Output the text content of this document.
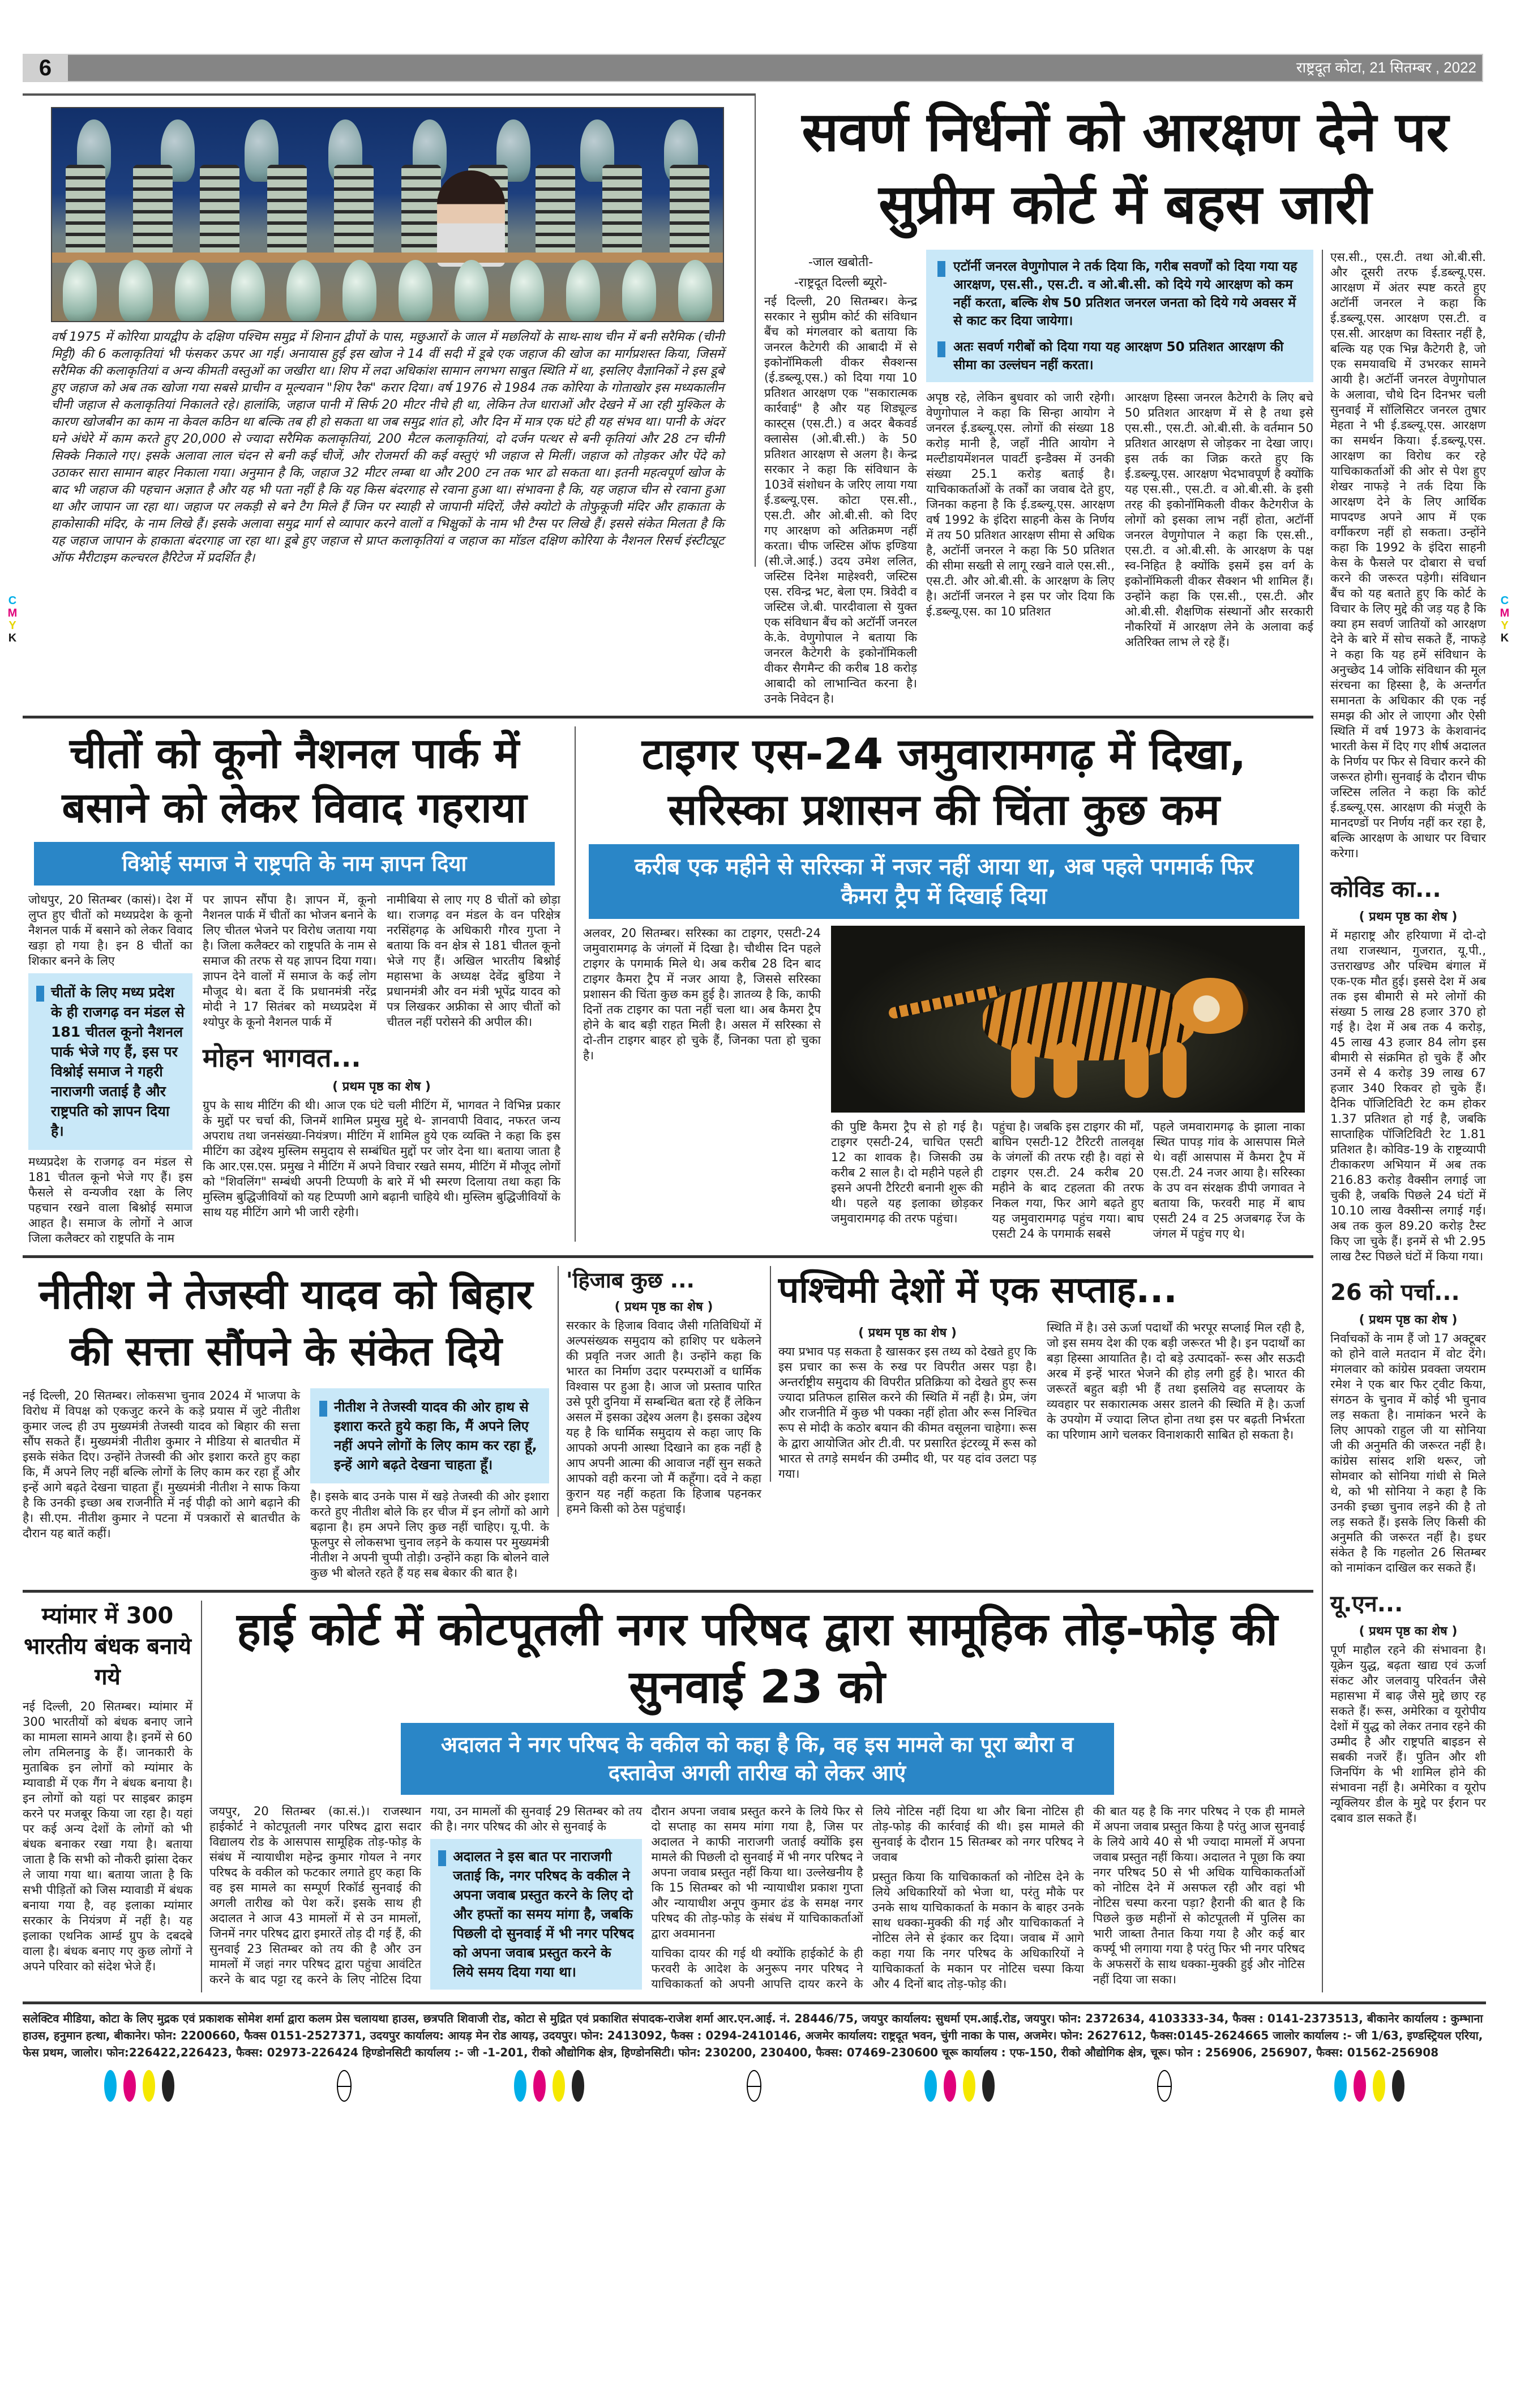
6	राष्ट्रदूत कोटा, 21 सितम्बर , 2022
C
M
Y
K
C
M
Y
K
वर्ष 1975 में कोरिया प्रायद्वीप के दक्षिण पश्चिम समुद्र में शिनान द्वीपों के पास, मछुआरों के जाल में मछलियों के साथ-साथ चीन में बनी सरैमिक (चीनी मिट्टी) की 6 कलाकृतियां भी फंसकर ऊपर आ गई। अनायास हुई इस खोज ने 14 वीं सदी में डूबे एक जहाज की खोज का मार्गप्रशस्त किया, जिसमें सरैमिक की कलाकृतियां व अन्य कीमती वस्तुओं का जखीरा था। शिप में लदा अधिकांश सामान लगभग साबुत स्थिति में था, इसलिए वैज्ञानिकों ने इस डूबे हुए जहाज को अब तक खोजा गया सबसे प्राचीन व मूल्यवान "शिप रैक" करार दिया। वर्ष 1976 से 1984 तक कोरिया के गोताखोर इस मध्यकालीन चीनी जहाज से कलाकृतियां निकालते रहे। हालांकि, जहाज पानी में सिर्फ 20 मीटर नीचे ही था, लेकिन तेज धाराओं और देखने में आ रही मुश्किल के कारण खोजबीन का काम ना केवल कठिन था बल्कि तब ही हो सकता था जब समुद्र शांत हो, और दिन में मात्र एक घंटे ही यह संभव था। पानी के अंदर घने अंधेरे में काम करते हुए 20,000 से ज्यादा सरैमिक कलाकृतियां, 200 मैटल कलाकृतियां, दो दर्जन पत्थर से बनी कृतियां और 28 टन चीनी सिक्के निकाले गए। इसके अलावा लाल चंदन से बनी कई चीजें, और रोजमर्रा की कई वस्तुएं भी जहाज से मिलीं। जहाज को तोड़कर और पेंदे को उठाकर सारा सामान बाहर निकाला गया। अनुमान है कि, जहाज 32 मीटर लम्बा था और 200 टन तक भार ढो सकता था। इतनी महत्वपूर्ण खोज के बाद भी जहाज की पहचान अज्ञात है और यह भी पता नहीं है कि यह किस बंदरगाह से रवाना हुआ था। संभावना है कि, यह जहाज चीन से रवाना हुआ था और जापान जा रहा था। जहाज पर लकड़ी से बने टैग मिले हैं जिन पर स्याही से जापानी मंदिरों, जैसे क्योटो के तोफुकूजी मंदिर और हाकाता के हाकोसाकी मंदिर, के नाम लिखे हैं। इसके अलावा समुद्र मार्ग से व्यापार करने वालों व भिक्षुकों के नाम भी टैग्स पर लिखे हैं। इससे संकेत मिलता है कि यह जहाज जापान के हाकाता बंदरगाह जा रहा था। डूबे हुए जहाज से प्राप्त कलाकृतियां व जहाज का मॉडल दक्षिण कोरिया के नैशनल रिसर्च इंस्टीट्यूट ऑफ मैरीटाइम कल्चरल हैरिटेज में प्रदर्शित है।
सवर्ण निर्धनों को आरक्षण देने पर सुप्रीम कोर्ट में बहस जारी
-जाल खबोती-
-राष्ट्रदूत दिल्ली ब्यूरो-
नई दिल्ली, 20 सितम्बर। केन्द्र सरकार ने सुप्रीम कोर्ट की संविधान बैंच को मंगलवार को बताया कि जनरल कैटेगरी की आबादी में से इकोनॉमिकली वीकर सैक्शन्स (ई.डब्ल्यू.एस.) को दिया गया 10 प्रतिशत आरक्षण एक "सकारात्मक कार्रवाई" है और यह शिड्यूल्ड कास्ट्स (एस.टी.) व अदर बैकवर्ड क्लासेस (ओ.बी.सी.) के 50 प्रतिशत आरक्षण से अलग है। केन्द्र सरकार ने कहा कि संविधान के 103वें संशोधन के जरिए लाया गया ई.डब्ल्यू.एस. कोटा एस.सी., एस.टी. और ओ.बी.सी. को दिए गए आरक्षण को अतिक्रमण नहीं करता। चीफ जस्टिस ऑफ इण्डिया (सी.जे.आई.) उदय उमेश ललित, जस्टिस दिनेश माहेश्वरी, जस्टिस एस. रविन्द्र भट, बेला एम. त्रिवेदी व जस्टिस जे.बी. पारदीवाला से युक्त एक संविधान बैंच को अटॉर्नी जनरल के.के. वेणुगोपाल ने बताया कि जनरल कैटेगरी के इकोनॉमिकली वीकर सैगमैन्ट की करीब 18 करोड़ आबादी को लाभान्वित करना है। उनके निवेदन है।
एटॉर्नी जनरल वेणुगोपाल ने तर्क दिया कि, गरीब सवर्णों को दिया गया यह आरक्षण, एस.सी., एस.टी. व ओ.बी.सी. को दिये गये आरक्षण को कम नहीं करता, बल्कि शेष 50 प्रतिशत जनरल जनता को दिये गये अवसर में से काट कर दिया जायेगा।
अतः सवर्ण गरीबों को दिया गया यह आरक्षण 50 प्रतिशत आरक्षण की सीमा का उल्लंघन नहीं करता।
अपृष्ठ रहे, लेकिन बुधवार को जारी रहेगी। वेणुगोपाल ने कहा कि सिन्हा आयोग ने जनरल ई.डब्ल्यू.एस. लोगों की संख्या 18 करोड़ मानी है, जहाँ नीति आयोग ने मल्टीडायमेंशनल पावर्टी इन्डैक्स में उनकी संख्या 25.1 करोड़ बताई है। याचिकाकर्ताओं के तर्कों का जवाब देते हुए, जिनका कहना है कि ई.डब्ल्यू.एस. आरक्षण वर्ष 1992 के इंदिरा साहनी केस के निर्णय में तय 50 प्रतिशत आरक्षण सीमा से अधिक है, अटॉर्नी जनरल ने कहा कि 50 प्रतिशत की सीमा सख्ती से लागू रखने वाले एस.सी., एस.टी. और ओ.बी.सी. के आरक्षण के लिए है। अटॉर्नी जनरल ने इस पर जोर दिया कि ई.डब्ल्यू.एस. का 10 प्रतिशत
आरक्षण हिस्सा जनरल कैटेगरी के लिए बचे 50 प्रतिशत आरक्षण में से है तथा इसे एस.सी., एस.टी. ओ.बी.सी. के वर्तमान 50 प्रतिशत आरक्षण से जोड़कर ना देखा जाए। इस तर्क का जिक्र करते हुए कि ई.डब्ल्यू.एस. आरक्षण भेदभावपूर्ण है क्योंकि यह एस.सी., एस.टी. व ओ.बी.सी. के इसी तरह की इकोनॉमिकली वीकर कैटेगरीज के लोगों को इसका लाभ नहीं होता, अटॉर्नी जनरल वेणुगोपाल ने कहा कि एस.सी., एस.टी. व ओ.बी.सी. के आरक्षण के पक्ष स्व-निहित है क्योंकि इसमें इस वर्ग के इकोनॉमिकली वीकर सैक्शन भी शामिल हैं। उन्होंने कहा कि एस.सी., एस.टी. और ओ.बी.सी. शैक्षणिक संस्थानों और सरकारी नौकरियों में आरक्षण लेने के अलावा कई अतिरिक्त लाभ ले रहे हैं।
एस.सी., एस.टी. तथा ओ.बी.सी. और दूसरी तरफ ई.डब्ल्यू.एस. आरक्षण में अंतर स्पष्ट करते हुए अटॉर्नी जनरल ने कहा कि ई.डब्ल्यू.एस. आरक्षण एस.टी. व एस.सी. आरक्षण का विस्तार नहीं है, बल्कि यह एक भिन्न कैटेगरी है, जो एक समयावधि में उभरकर सामने आयी है। अटॉर्नी जनरल वेणुगोपाल के अलावा, चौथे दिन दिनभर चली सुनवाई में सॉलिसिटर जनरल तुषार मेहता ने भी ई.डब्ल्यू.एस. आरक्षण का समर्थन किया। ई.डब्ल्यू.एस. आरक्षण का विरोध कर रहे याचिकाकर्ताओं की ओर से पेश हुए शेखर नाफड़े ने तर्क दिया कि आरक्षण देने के लिए आर्थिक मापदण्ड अपने आप में एक वर्गीकरण नहीं हो सकता। उन्होंने कहा कि 1992 के इंदिरा साहनी केस के फैसले पर दोबारा से चर्चा करने की जरूरत पड़ेगी। संविधान बैंच को यह बताते हुए कि कोर्ट के विचार के लिए मुद्दे की जड़ यह है कि क्या हम सवर्ण जातियों को आरक्षण देने के बारे में सोच सकते हैं, नाफड़े ने कहा कि यह हमें संविधान के अनुच्छेद 14 जोकि संविधान की मूल संरचना का हिस्सा है, के अन्तर्गत समानता के अधिकार की एक नई समझ की ओर ले जाएगा और ऐसी स्थिति में वर्ष 1973 के केशवानंद भारती केस में दिए गए शीर्ष अदालत के निर्णय पर फिर से विचार करने की जरूरत होगी। सुनवाई के दौरान चीफ जस्टिस ललित ने कहा कि कोर्ट ई.डब्ल्यू.एस. आरक्षण की मंजूरी के मानदण्डों पर निर्णय नहीं कर रहा है, बल्कि आरक्षण के आधार पर विचार करेगा।
कोविड का...
( प्रथम पृष्ठ का शेष )
में महाराष्ट्र और हरियाणा में दो-दो तथा राजस्थान, गुजरात, यू.पी., उत्तराखण्ड और पश्चिम बंगाल में एक-एक मौत हुई। इससे देश में अब तक इस बीमारी से मरे लोगों की संख्या 5 लाख 28 हजार 370 हो गई है। देश में अब तक 4 करोड़, 45 लाख 43 हजार 84 लोग इस बीमारी से संक्रमित हो चुके हैं और उनमें से 4 करोड़ 39 लाख 67 हजार 340 रिकवर हो चुके हैं। दैनिक पॉजिटिविटी रेट कम होकर 1.37 प्रतिशत हो गई है, जबकि साप्ताहिक पॉजिटिविटी रेट 1.81 प्रतिशत है। कोविड-19 के राष्ट्रव्यापी टीकाकरण अभियान में अब तक 216.83 करोड़ वैक्सीन लगाई जा चुकी है, जबकि पिछले 24 घंटों में 10.10 लाख वैक्सीन्स लगाई गई। अब तक कुल 89.20 करोड़ टैस्ट किए जा चुके हैं। इनमें से भी 2.95 लाख टैस्ट पिछले घंटों में किया गया।
26 को पर्चा...
( प्रथम पृष्ठ का शेष )
निर्वाचकों के नाम हैं जो 17 अक्टूबर को होने वाले मतदान में वोट देंगे। मंगलवार को कांग्रेस प्रवक्ता जयराम रमेश ने एक बार फिर ट्वीट किया, संगठन के चुनाव में कोई भी चुनाव लड़ सकता है। नामांकन भरने के लिए आपको राहुल जी या सोनिया जी की अनुमति की जरूरत नहीं है। कांग्रेस सांसद शशि थरूर, जो सोमवार को सोनिया गांधी से मिले थे, को भी सोनिया ने कहा है कि उनकी इच्छा चुनाव लड़ने की है तो लड़ सकते हैं। इसके लिए किसी की अनुमति की जरूरत नहीं है। इधर संकेत है कि गहलोत 26 सितम्बर को नामांकन दाखिल कर सकते हैं।
यू.एन...
( प्रथम पृष्ठ का शेष )
पूर्ण माहौल रहने की संभावना है। यूक्रेन युद्ध, बढ़ता खाद्य एवं ऊर्जा संकट और जलवायु परिवर्तन जैसे महासभा में बाढ़ जैसे मुद्दे छाए रह सकते हैं। रूस, अमेरिका व यूरोपीय देशों में युद्ध को लेकर तनाव रहने की उम्मीद है और राष्ट्रपति बाइडन से सबकी नजरें हैं। पुतिन और शी जिनपिंग के भी शामिल होने की संभावना नहीं है। अमेरिका व यूरोप न्यूक्लियर डील के मुद्दे पर ईरान पर दबाव डाल सकते हैं।
चीतों को कूनो नैशनल पार्क में बसाने को लेकर विवाद गहराया
विश्नोई समाज ने राष्ट्रपति के नाम ज्ञापन दिया
जोधपुर, 20 सितम्बर (कासं)। देश में लुप्त हुए चीतों को मध्यप्रदेश के कूनो नैशनल पार्क में बसाने को लेकर विवाद खड़ा हो गया है। इन 8 चीतों का शिकार बनने के लिए
चीतों के लिए मध्य प्रदेश के ही राजगढ़ वन मंडल से 181 चीतल कूनो नैशनल पार्क भेजे गए हैं, इस पर विश्नोई समाज ने गहरी नाराजगी जताई है और राष्ट्रपति को ज्ञापन दिया है।
मध्यप्रदेश के राजगढ़ वन मंडल से 181 चीतल कूनो भेजे गए हैं। इस फैसले से वन्यजीव रक्षा के लिए पहचान रखने वाला बिश्नोई समाज आहत है। समाज के लोगों ने आज जिला कलैक्टर को राष्ट्रपति के नाम
पर ज्ञापन सौंपा है। ज्ञापन में, कूनो नैशनल पार्क में चीतों का भोजन बनाने के लिए चीतल भेजने पर विरोध जताया गया है। जिला कलैक्टर को राष्ट्रपति के नाम से समाज की तरफ से यह ज्ञापन दिया गया। ज्ञापन देने वालों में समाज के कई लोग मौजूद थे। बता दें कि प्रधानमंत्री नरेंद्र मोदी ने 17 सितंबर को मध्यप्रदेश में श्योपुर के कूनो नैशनल पार्क में
नामीबिया से लाए गए 8 चीतों को छोड़ा था। राजगढ़ वन मंडल के वन परिक्षेत्र नरसिंहगढ़ के अधिकारी गौरव गुप्ता ने बताया कि वन क्षेत्र से 181 चीतल कूनो भेजे गए हैं। अखिल भारतीय बिश्नोई महासभा के अध्यक्ष देवेंद्र बुडिया ने प्रधानमंत्री और वन मंत्री भूपेंद्र यादव को पत्र लिखकर अफ्रीका से आए चीतों को चीतल नहीं परोसने की अपील की।
मोहन भागवत...
( प्रथम पृष्ठ का शेष )
ग्रुप के साथ मीटिंग की थी। आज एक घंटे चली मीटिंग में, भागवत ने विभिन्न प्रकार के मुद्दों पर चर्चा की, जिनमें शामिल प्रमुख मुद्दे थे- ज्ञानवापी विवाद, नफरत जन्य अपराध तथा जनसंख्या-नियंत्रण। मीटिंग में शामिल हुये एक व्यक्ति ने कहा कि इस मीटिंग का उद्देश्य मुस्लिम समुदाय से सम्बंधित मुद्दों पर जोर देना था। बताया जाता है कि आर.एस.एस. प्रमुख ने मीटिंग में अपने विचार रखते समय, मीटिंग में मौजूद लोगों को "शिवलिंग" सम्बंधी अपनी टिप्पणी के बारे में भी स्मरण दिलाया तथा कहा कि मुस्लिम बुद्धिजीवियों को यह टिप्पणी आगे बढ़ानी चाहिये थी। मुस्लिम बुद्धिजीवियों के साथ यह मीटिंग आगे भी जारी रहेगी।
टाइगर एस-24 जमुवारामगढ़ में दिखा, सरिस्का प्रशासन की चिंता कुछ कम
करीब एक महीने से सरिस्का में नजर नहीं आया था, अब पहले पगमार्क फिर कैमरा ट्रैप में दिखाई दिया
अलवर, 20 सितम्बर। सरिस्का का टाइगर, एसटी-24 जमुवारामगढ़ के जंगलों में दिखा है। चौथीस दिन पहले टाइगर के पगमार्क मिले थे। अब करीब 28 दिन बाद टाइगर कैमरा ट्रैप में नजर आया है, जिससे सरिस्का प्रशासन की चिंता कुछ कम हुई है। ज्ञातव्य है कि, काफी दिनों तक टाइगर का पता नहीं चला था। अब कैमरा ट्रैप होने के बाद बड़ी राहत मिली है। असल में सरिस्का से दो-तीन टाइगर बाहर हो चुके हैं, जिनका पता हो चुका है।
की पुष्टि कैमरा ट्रैप से हो गई है। टाइगर एसटी-24, चाचित एसटी 12 का शावक है। जिसकी उम्र करीब 2 साल है। दो महीने पहले ही इसने अपनी टैरिटरी बनानी शुरू की थी। पहले यह इलाका छोड़कर जमुवारामगढ़ की तरफ पहुंचा।
पहुंचा है। जबकि इस टाइगर की माँ, बाघिन एसटी-12 टैरिटरी तालवृक्ष के जंगलों की तरफ रही है। वहां से टाइगर एस.टी. 24 करीब 20 महीने के बाद टहलता की तरफ निकल गया, फिर आगे बढ़ते हुए यह जमुवारामगढ़ पहुंच गया। बाघ एसटी 24 के पगमार्क सबसे
पहले जमवारामगढ़ के झाला नाका स्थित पापड़ गांव के आसपास मिले थे। वहीं आसपास में कैमरा ट्रैप में एस.टी. 24 नजर आया है। सरिस्का के उप वन संरक्षक डीपी जगावत ने बताया कि, फरवरी माह में बाघ एसटी 24 व 25 अजबगढ़ रेंज के जंगल में पहुंच गए थे।
नीतीश ने तेजस्वी यादव को बिहार की सत्ता सौंपने के संकेत दिये
नई दिल्ली, 20 सितम्बर। लोकसभा चुनाव 2024 में भाजपा के विरोध में विपक्ष को एकजुट करने के कड़े प्रयास में जुटे नीतीश कुमार जल्द ही उप मुख्यमंत्री तेजस्वी यादव को बिहार की सत्ता सौंप सकते हैं। मुख्यमंत्री नीतीश कुमार ने मीडिया से बातचीत में इसके संकेत दिए। उन्होंने तेजस्वी की ओर इशारा करते हुए कहा कि, मैं अपने लिए नहीं बल्कि लोगों के लिए काम कर रहा हूँ और इन्हें आगे बढ़ते देखना चाहता हूँ। मुख्यमंत्री नीतीश ने साफ किया है कि उनकी इच्छा अब राजनीति में नई पीढ़ी को आगे बढ़ाने की है। सी.एम. नीतीश कुमार ने पटना में पत्रकारों से बातचीत के दौरान यह बातें कहीं।
नीतीश ने तेजस्वी यादव की ओर हाथ से इशारा करते हुये कहा कि, मैं अपने लिए नहीं अपने लोगों के लिए काम कर रहा हूँ, इन्हें आगे बढ़ते देखना चाहता हूँ।
है। इसके बाद उनके पास में खड़े तेजस्वी की ओर इशारा करते हुए नीतीश बोले कि हर चीज में इन लोगों को आगे बढ़ाना है। हम अपने लिए कुछ नहीं चाहिए। यू.पी. के फूलपुर से लोकसभा चुनाव लड़ने के कयास पर मुख्यमंत्री नीतीश ने अपनी चुप्पी तोड़ी। उन्होंने कहा कि बोलने वाले कुछ भी बोलते रहते हैं यह सब बेकार की बात है।
'हिजाब कुछ ...
( प्रथम पृष्ठ का शेष )
सरकार के हिजाब विवाद जैसी गतिविधियों में अल्पसंख्यक समुदाय को हाशिए पर धकेलने की प्रवृति नजर आती है। उन्होंने कहा कि भारत का निर्माण उदार परम्पराओं व धार्मिक विश्वास पर हुआ है। आज जो प्रस्ताव पारित उसे पूरी दुनिया में सम्बन्धित बता रहे हैं लेकिन असल में इसका उद्देश्य अलग है। इसका उद्देश्य यह है कि धार्मिक समुदाय से कहा जाए कि आपको अपनी आस्था दिखाने का हक नहीं है आप अपनी आत्मा की आवाज नहीं सुन सकते आपको वही करना जो मैं कहूँगा। दवे ने कहा कुरान यह नहीं कहता कि हिजाब पहनकर हमने किसी को ठेस पहुंचाई।
पश्चिमी देशों में एक सप्ताह...
( प्रथम पृष्ठ का शेष )
क्या प्रभाव पड़ सकता है खासकर इस तथ्य को देखते हुए कि इस प्रचार का रूस के रुख पर विपरीत असर पड़ा है। अन्तर्राष्ट्रीय समुदाय की विपरीत प्रतिक्रिया को देखते हुए रूस ज्यादा प्रतिफल हासिल करने की स्थिति में नहीं है। प्रेम, जंग और राजनीति में कुछ भी पक्का नहीं होता और रूस निश्चित रूप से मोदी के कठोर बयान की कीमत वसूलना चाहेगा। रूस के द्वारा आयोजित ओर टी.वी. पर प्रसारित इंटरव्यू में रूस को भारत से तगड़े समर्थन की उम्मीद थी, पर यह दांव उलटा पड़ गया।
स्थिति में है। उसे ऊर्जा पदार्थों की भरपूर सप्लाई मिल रही है, जो इस समय देश की एक बड़ी जरूरत भी है। इन पदार्थों का बड़ा हिस्सा आयातित है। दो बड़े उत्पादकों- रूस और सऊदी अरब में इन्हें भारत भेजने की होड़ लगी हुई है। भारत की जरूरतें बहुत बड़ी भी हैं तथा इसलिये वह सप्लायर के व्यवहार पर सकारात्मक असर डालने की स्थिति में है। ऊर्जा के उपयोग में ज्यादा लिप्त होना तथा इस पर बढ़ती निर्भरता का परिणाम आगे चलकर विनाशकारी साबित हो सकता है।
म्यांमार में 300 भारतीय बंधक बनाये गये
नई दिल्ली, 20 सितम्बर। म्यांमार में 300 भारतीयों को बंधक बनाए जाने का मामला सामने आया है। इनमें से 60 लोग तमिलनाडु के हैं। जानकारी के मुताबिक इन लोगों को म्यांमार के म्यावाडी में एक गैंग ने बंधक बनाया है। इन लोगों को यहां पर साइबर क्राइम करने पर मजबूर किया जा रहा है। यहां पर कई अन्य देशों के लोगों को भी बंधक बनाकर रखा गया है। बताया जाता है कि सभी को नौकरी झांसा देकर ले जाया गया था। बताया जाता है कि सभी पीड़ितों को जिस म्यावाडी में बंधक बनाया गया है, वह इलाका म्यांमार सरकार के नियंत्रण में नहीं है। यह इलाका एथनिक आर्म्ड ग्रुप के दबदबे वाला है। बंधक बनाए गए कुछ लोगों ने अपने परिवार को संदेश भेजे हैं।
हाई कोर्ट में कोटपूतली नगर परिषद द्वारा सामूहिक तोड़-फोड़ की सुनवाई 23 को
अदालत ने नगर परिषद के वकील को कहा है कि, वह इस मामले का पूरा ब्यौरा व दस्तावेज अगली तारीख को लेकर आएं
जयपुर, 20 सितम्बर (का.सं.)। राजस्थान हाईकोर्ट ने कोटपूतली नगर परिषद द्वारा सदार विद्यालय रोड के आसपास सामूहिक तोड़-फोड़ के संबंध में न्यायाधीश महेन्द्र कुमार गोयल ने नगर परिषद के वकील को फटकार लगाते हुए कहा कि वह इस मामले का सम्पूर्ण रिकॉर्ड सुनवाई की अगली तारीख को पेश करें। इसके साथ ही अदालत ने आज 43 मामलों में से उन मामलों, जिनमें नगर परिषद द्वारा इमारतें तोड़ दी गई हैं, की सुनवाई 23 सितम्बर को तय की है और उन मामलों में जहां नगर परिषद द्वारा पहुंचा आवंटित करने के बाद पट्टा रद्द करने के लिए नोटिस दिया गया, उन मामलों की सुनवाई 29 सितम्बर को तय की है। नगर परिषद की ओर से सुनवाई के
अदालत ने इस बात पर नाराजगी जताई कि, नगर परिषद के वकील ने अपना जवाब प्रस्तुत करने के लिए दो और हफ्तों का समय मांगा है, जबकि पिछली दो सुनवाई में भी नगर परिषद को अपना जवाब प्रस्तुत करने के लिये समय दिया गया था।
दौरान अपना जवाब प्रस्तुत करने के लिये फिर से दो सप्ताह का समय मांगा गया है, जिस पर अदालत ने काफी नाराजगी जताई क्योंकि इस मामले की पिछली दो सुनवाई में भी नगर परिषद ने अपना जवाब प्रस्तुत नहीं किया था। उल्लेखनीय है कि 15 सितम्बर को भी न्यायाधीश प्रकाश गुप्ता और न्यायाधीश अनूप कुमार ढंड के समक्ष नगर परिषद की तोड़-फोड़ के संबंध में याचिकाकर्ताओं द्वारा अवमानना
याचिका दायर की गई थी क्योंकि हाईकोर्ट के ही फरवरी के आदेश के अनुरूप नगर परिषद ने याचिकाकर्ता को अपनी आपत्ति दायर करने के लिये नोटिस नहीं दिया था और बिना नोटिस ही तोड़-फोड़ की कार्रवाई की थी। इस मामले की सुनवाई के दौरान 15 सितम्बर को नगर परिषद ने जवाब
प्रस्तुत किया कि याचिकाकर्ता को नोटिस देने के लिये अधिकारियों को भेजा था, परंतु मौके पर उनके साथ याचिकाकर्ता के मकान के बाहर उनके साथ धक्का-मुक्की की गई और याचिकाकर्ता ने नोटिस लेने से इंकार कर दिया। जवाब में आगे कहा गया कि नगर परिषद के अधिकारियों ने याचिकाकर्ता के मकान पर नोटिस चस्पा किया और 4 दिनों बाद तोड़-फोड़ की।
की बात यह है कि नगर परिषद ने एक ही मामले में अपना जवाब प्रस्तुत किया है परंतु आज सुनवाई के लिये आये 40 से भी ज्यादा मामलों में अपना जवाब प्रस्तुत नहीं किया। अदालत ने पूछा कि क्या नगर परिषद 50 से भी अधिक याचिकाकर्ताओं को नोटिस देने में असफल रही और वहां भी नोटिस चस्पा करना पड़ा? हैरानी की बात है कि पिछले कुछ महीनों से कोटपूतली में पुलिस का भारी जाब्ता तैनात किया गया है और कई बार कर्फ्यू भी लगाया गया है परंतु फिर भी नगर परिषद के अफसरों के साथ धक्का-मुक्की हुई और नोटिस नहीं दिया जा सका।
सलेक्टिव मीडिया, कोटा के लिए मुद्रक एवं प्रकाशक सोमेश शर्मा द्वारा कलम प्रेस चलायथा हाउस, छत्रपति शिवाजी रोड, कोटा से मुद्रित एवं प्रकाशित संपादक-राजेश शर्मा आर.एन.आई. नं. 28446/75, जयपुर कार्यालय: सुधर्मा एम.आई.रोड, जयपुर। फोन: 2372634, 4103333-34, फैक्स : 0141-2373513, बीकानेर कार्यालय : कुम्भाना हाउस, हनुमान हत्था, बीकानेर। फोन: 2200660, फैक्स 0151-2527371, उदयपुर कार्यालय: आयड़ मेन रोड आयड़, उदयपुर। फोन: 2413092, फैक्स : 0294-2410146, अजमेर कार्यालय: राष्ट्रदूत भवन, चुंगी नाका के पास, अजमेर। फोन: 2627612, फैक्स:0145-2624665 जालोर कार्यालय :- जी 1/63, इण्डस्ट्रियल एरिया, फेस प्रथम, जालोर। फोन:226422,226423, फैक्स: 02973-226424 हिण्डोनसिटी कार्यालय :- जी -1-201, रीको औद्योगिक क्षेत्र, हिण्डोनसिटी। फोन: 230200, 230400, फैक्स: 07469-230600 चूरू कार्यालय : एफ-150, रीको औद्योगिक क्षेत्र, चूरू। फोन : 256906, 256907, फैक्स: 01562-256908
